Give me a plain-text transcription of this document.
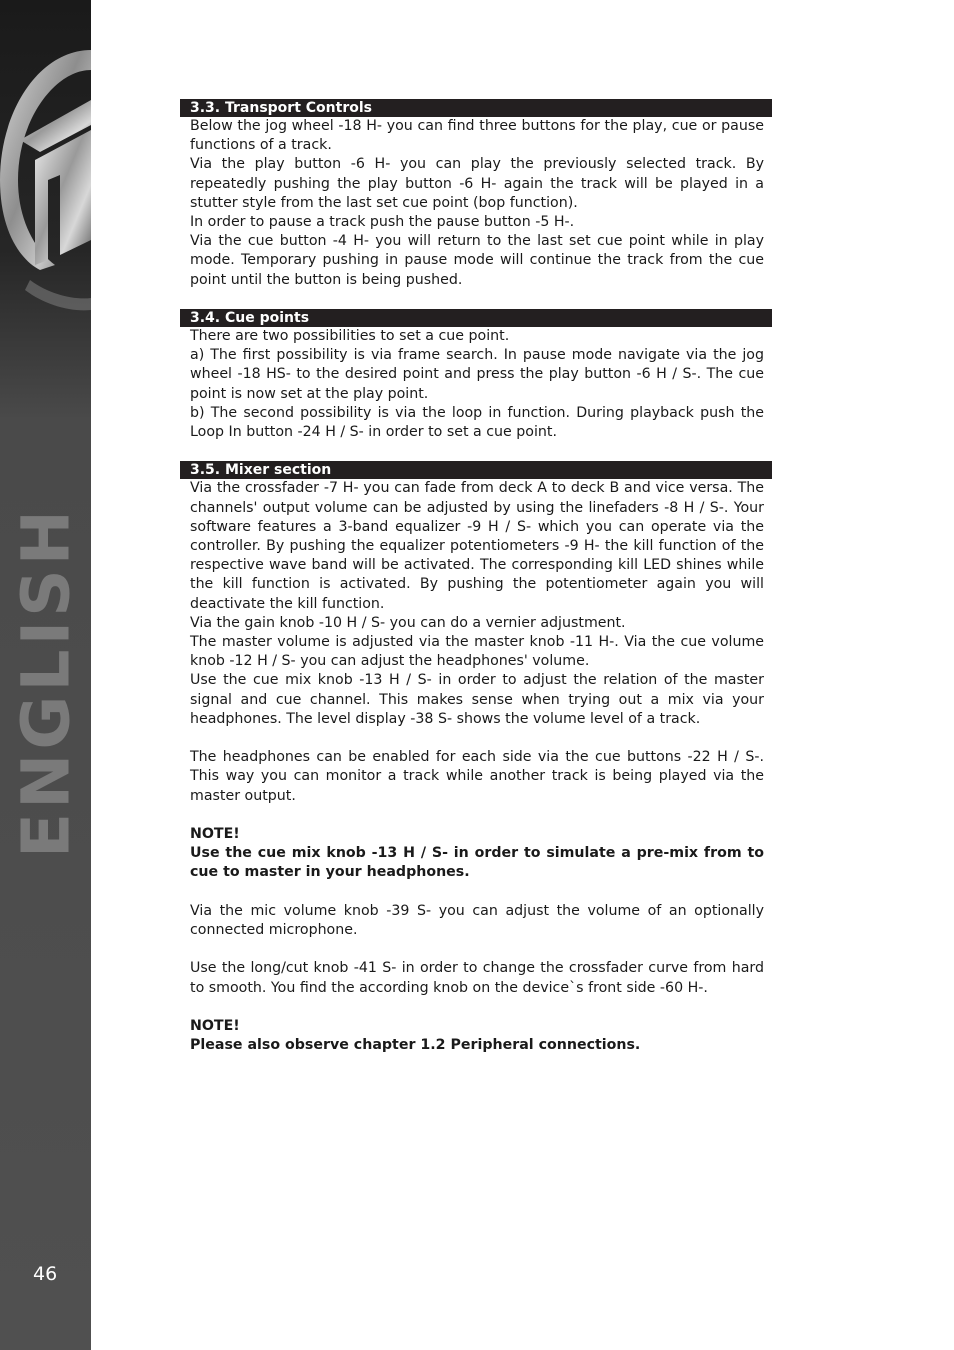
ENGLISH
46
3.3. Transport Controls
Below the jog wheel -18 H- you can find three buttons for the play, cue or pause functions of a track.
Via the play button -6 H- you can play the previously selected track. By repeatedly pushing the play button -6 H- again the track will be played in a stutter style from the last set cue point (bop function).
In order to pause a track push the pause button -5 H-.
Via the cue button -4 H- you will return to the last set cue point while in play mode. Temporary pushing in pause mode will continue the track from the cue point until the button is being pushed.
3.4. Cue points
There are two possibilities to set a cue point.
a) The first possibility is via frame search. In pause mode navigate via the jog wheel -18 HS- to the desired point and press the play button -6 H / S-. The cue point is now set at the play point.
b) The second possibility is via the loop in function. During playback push the Loop In button -24 H / S- in order to set a cue point.
3.5. Mixer section
Via the crossfader -7 H- you can fade from deck A to deck B and vice versa. The channels' output volume can be adjusted by using the linefaders -8 H / S-. Your software features a 3-band equalizer -9 H / S- which you can operate via the controller. By pushing the equalizer potentiometers -9 H- the kill function of the respective wave band will be activated. The corresponding kill LED shines while the kill function is activated. By pushing the potentiometer again you will deactivate the kill function.
Via the gain knob -10 H / S- you can do a vernier adjustment.
The master volume is adjusted via the master knob -11 H-. Via the cue volume knob -12 H / S- you can adjust the headphones' volume.
Use the cue mix knob -13 H / S- in order to adjust the relation of the master signal and cue channel. This makes sense when trying out a mix via your headphones. The level display -38 S- shows the volume level of a track.
The headphones can be enabled for each side via the cue buttons -22 H / S-. This way you can monitor a track while another track is being played via the master output.
NOTE!
Use the cue mix knob -13 H / S- in order to simulate a pre-mix from to cue to master in your headphones.
Via the mic volume knob -39 S- you can adjust the volume of an optionally connected microphone.
Use the long/cut knob -41 S- in order to change the crossfader curve from hard to smooth. You find the according knob on the device`s front side -60 H-.
NOTE!
Please also observe chapter 1.2 Peripheral connections.
